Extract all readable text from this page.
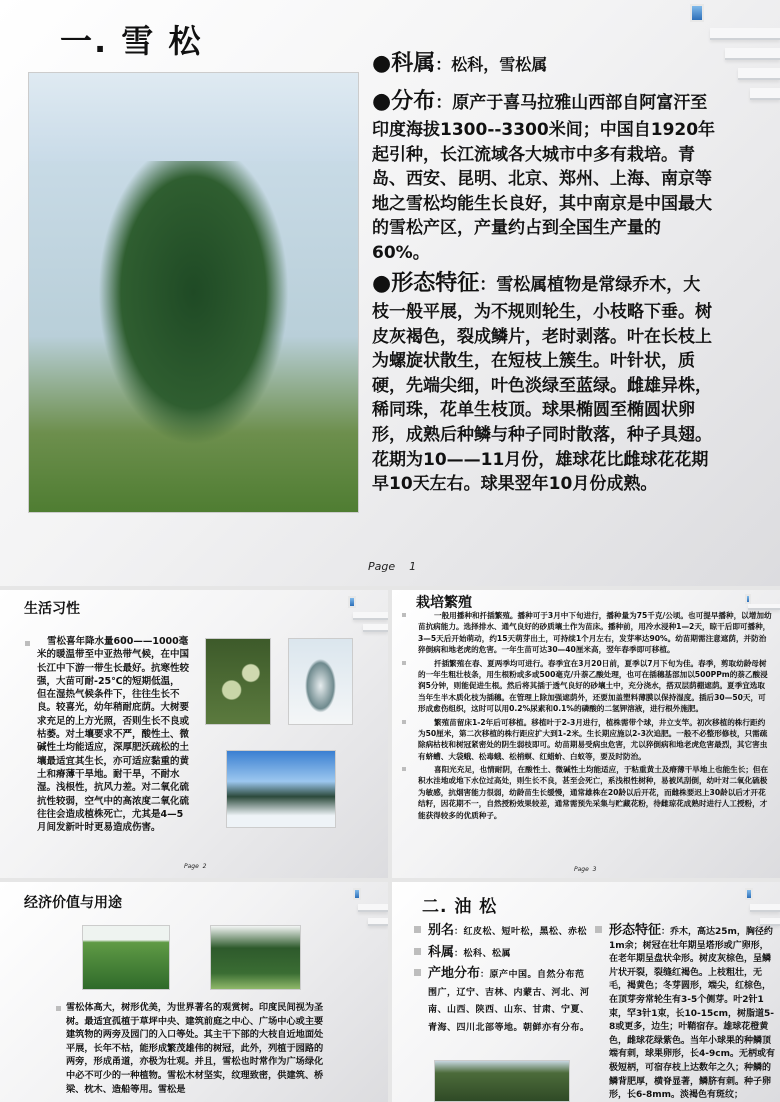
一. 雪 松
●科属：松科，雪松属
●分布：原产于喜马拉雅山西部自阿富汗至印度海拔1300--3300米间；中国自1920年起引种，长江流域各大城市中多有栽培。青岛、西安、昆明、北京、郑州、上海、南京等地之雪松均能生长良好，其中南京是中国最大的雪松产区，产量约占到全国生产量的60%。
●形态特征：雪松属植物是常绿乔木，大枝一般平展，为不规则轮生，小枝略下垂。树皮灰褐色，裂成鳞片，老时剥落。叶在长枝上为螺旋状散生，在短枝上簇生。叶针状，质硬，先端尖细，叶色淡绿至蓝绿。雌雄异株，稀同珠，花单生枝顶。球果椭圆至椭圆状卵形，成熟后种鳞与种子同时散落，种子具翅。花期为10——11月份，雄球花比雌球花花期早10天左右。球果翌年10月份成熟。
Page 1
生活习性
雪松喜年降水量600——1000毫米的暖温带至中亚热带气候，在中国长江中下游一带生长最好。抗寒性较强，大苗可耐-25℃的短期低温，但在湿热气候条件下，往往生长不良。较喜光，幼年稍耐庇荫。大树要求充足的上方光照，否则生长不良或枯萎。对土壤要求不严，酸性土、微碱性土均能适应，深厚肥沃疏松的土壤最适宜其生长，亦可适应黏重的黄土和瘠薄干旱地。耐干旱，不耐水湿。浅根性，抗风力差。对二氧化硫抗性较弱，空气中的高浓度二氧化硫往往会造成植株死亡，尤其是4—5月间发新叶时更易造成伤害。
Page 2
栽培繁殖
一般用播种和扦插繁殖。播种可于3月中下旬进行，播种量为75千克/公顷。也可提早播种，以增加幼苗抗病能力。选择排水、通气良好的砂质壤土作为苗床。播种前，用冷水浸种1—2天，晾干后即可播种，3—5天后开始萌动，约15天萌芽出土，可持续1个月左右，发芽率达90%。幼苗期需注意遮荫，并防治猝倒病和地老虎的危害。一年生苗可达30—40厘米高，翌年春季即可移植。
扦插繁殖在春、夏两季均可进行。春季宜在3月20日前，夏季以7月下旬为佳。春季，剪取幼龄母树的一年生粗壮枝条，用生根粉或多或500毫克/升萘乙酸处理，也可在插穗基部加以500PPm的萘乙酸浸润5分钟，则能促进生根。然后将其插于透气良好的砂壤土中，充分浇水，搭双层荫棚遮荫。夏季宜选取当年生半木质化枝为插穗。在管理上除加强遮荫外，还要加盖塑料薄膜以保持湿度。插后30—50天，可形成愈伤组织，这时可以用0.2%尿素和0.1%的磷酸的二氢钾溶液，进行根外施肥。
繁殖苗留床1-2年后可移植。移植叶于2-3月进行，植株需带个球，井立支竿。初次移植的株行距约为50厘米，第二次移植的株行距应扩大到1-2米。生长期应施以2-3次追肥。一般不必整形修枝，只需疏除病枯枝和树冠紧密处的阴生弱枝即可。幼苗期易受病虫危害，尤以猝倒病和地老虎危害最烈，其它害虫有蛴螬、大袋蛾、松毒蛾、松梢螟、红蜡蚧、白蚁等，要及时防治。
喜阳光充足，也情耐阴，在酸性土、微碱性土均能适应，于粘重黄土及瘠薄干旱地上也能生长；但在积水洼地或地下水位过高处，则生长不良，甚至会死亡，系浅根性树种，易被风刮倒，幼叶对二氧化硫极为敏感，抗烟害能力很弱，幼龄苗生长缓慢，通常雄株在20龄以后开花，而雌株要迟上30龄以后才开花结籽，因花期不一，自然授粉效果较差，通常需预先采集与贮藏花粉，待雌琼花成熟时进行人工授粉，才能获得较多的优质种子。
Page 3
经济价值与用途
雪松体高大，树形优美，为世界著名的观赏树。印度民间视为圣树。最适宜孤植于草坪中央、建筑前庭之中心、广场中心或主要建筑物的两旁及园门的入口等处。其主干下部的大枝自近地面处平展，长年不枯，能形成繁茂雄伟的树冠，此外，列植于园路的两旁，形成甬道，亦极为壮观。并且，雪松也时常作为广场绿化中必不可少的一种植物。雪松木材坚实，纹理致密，供建筑、桥梁、枕木、造船等用。雪松是
二. 油 松
别名：红皮松、短叶松，黑松、赤松
科属：松科、松属
产地分布：原产中国。自然分布范围广，辽宁、吉林、内蒙古、河北、河南、山西、陕西、山东、甘肃、宁夏、青海、四川北部等地。朝鲜亦有分布。
形态特征：乔木，高达25m，胸径约1m余；树冠在壮年期呈塔形或广卵形，在老年期呈盘状伞形。树皮灰棕色，呈鳞片状开裂，裂缝红褐色。上枝粗壮，无毛，褐黄色；冬芽圆形，端尖，红棕色，在顶芽旁常轮生有3-5个侧芽。叶2针1束，罕3针1束，长10-15cm，树脂道5-8或更多，边生；叶鞘宿存。雄球花橙黄色，雌球花绿紫色。当年小球果的种鳞顶端有刺，球果卵形，长4-9cm。无柄或有极短柄，可宿存枝上达数年之久；种鳞的鳞背肥厚，横脊显著，鳞脐有刺。种子卵形，长6-8mm。淡褐色有斑纹；
